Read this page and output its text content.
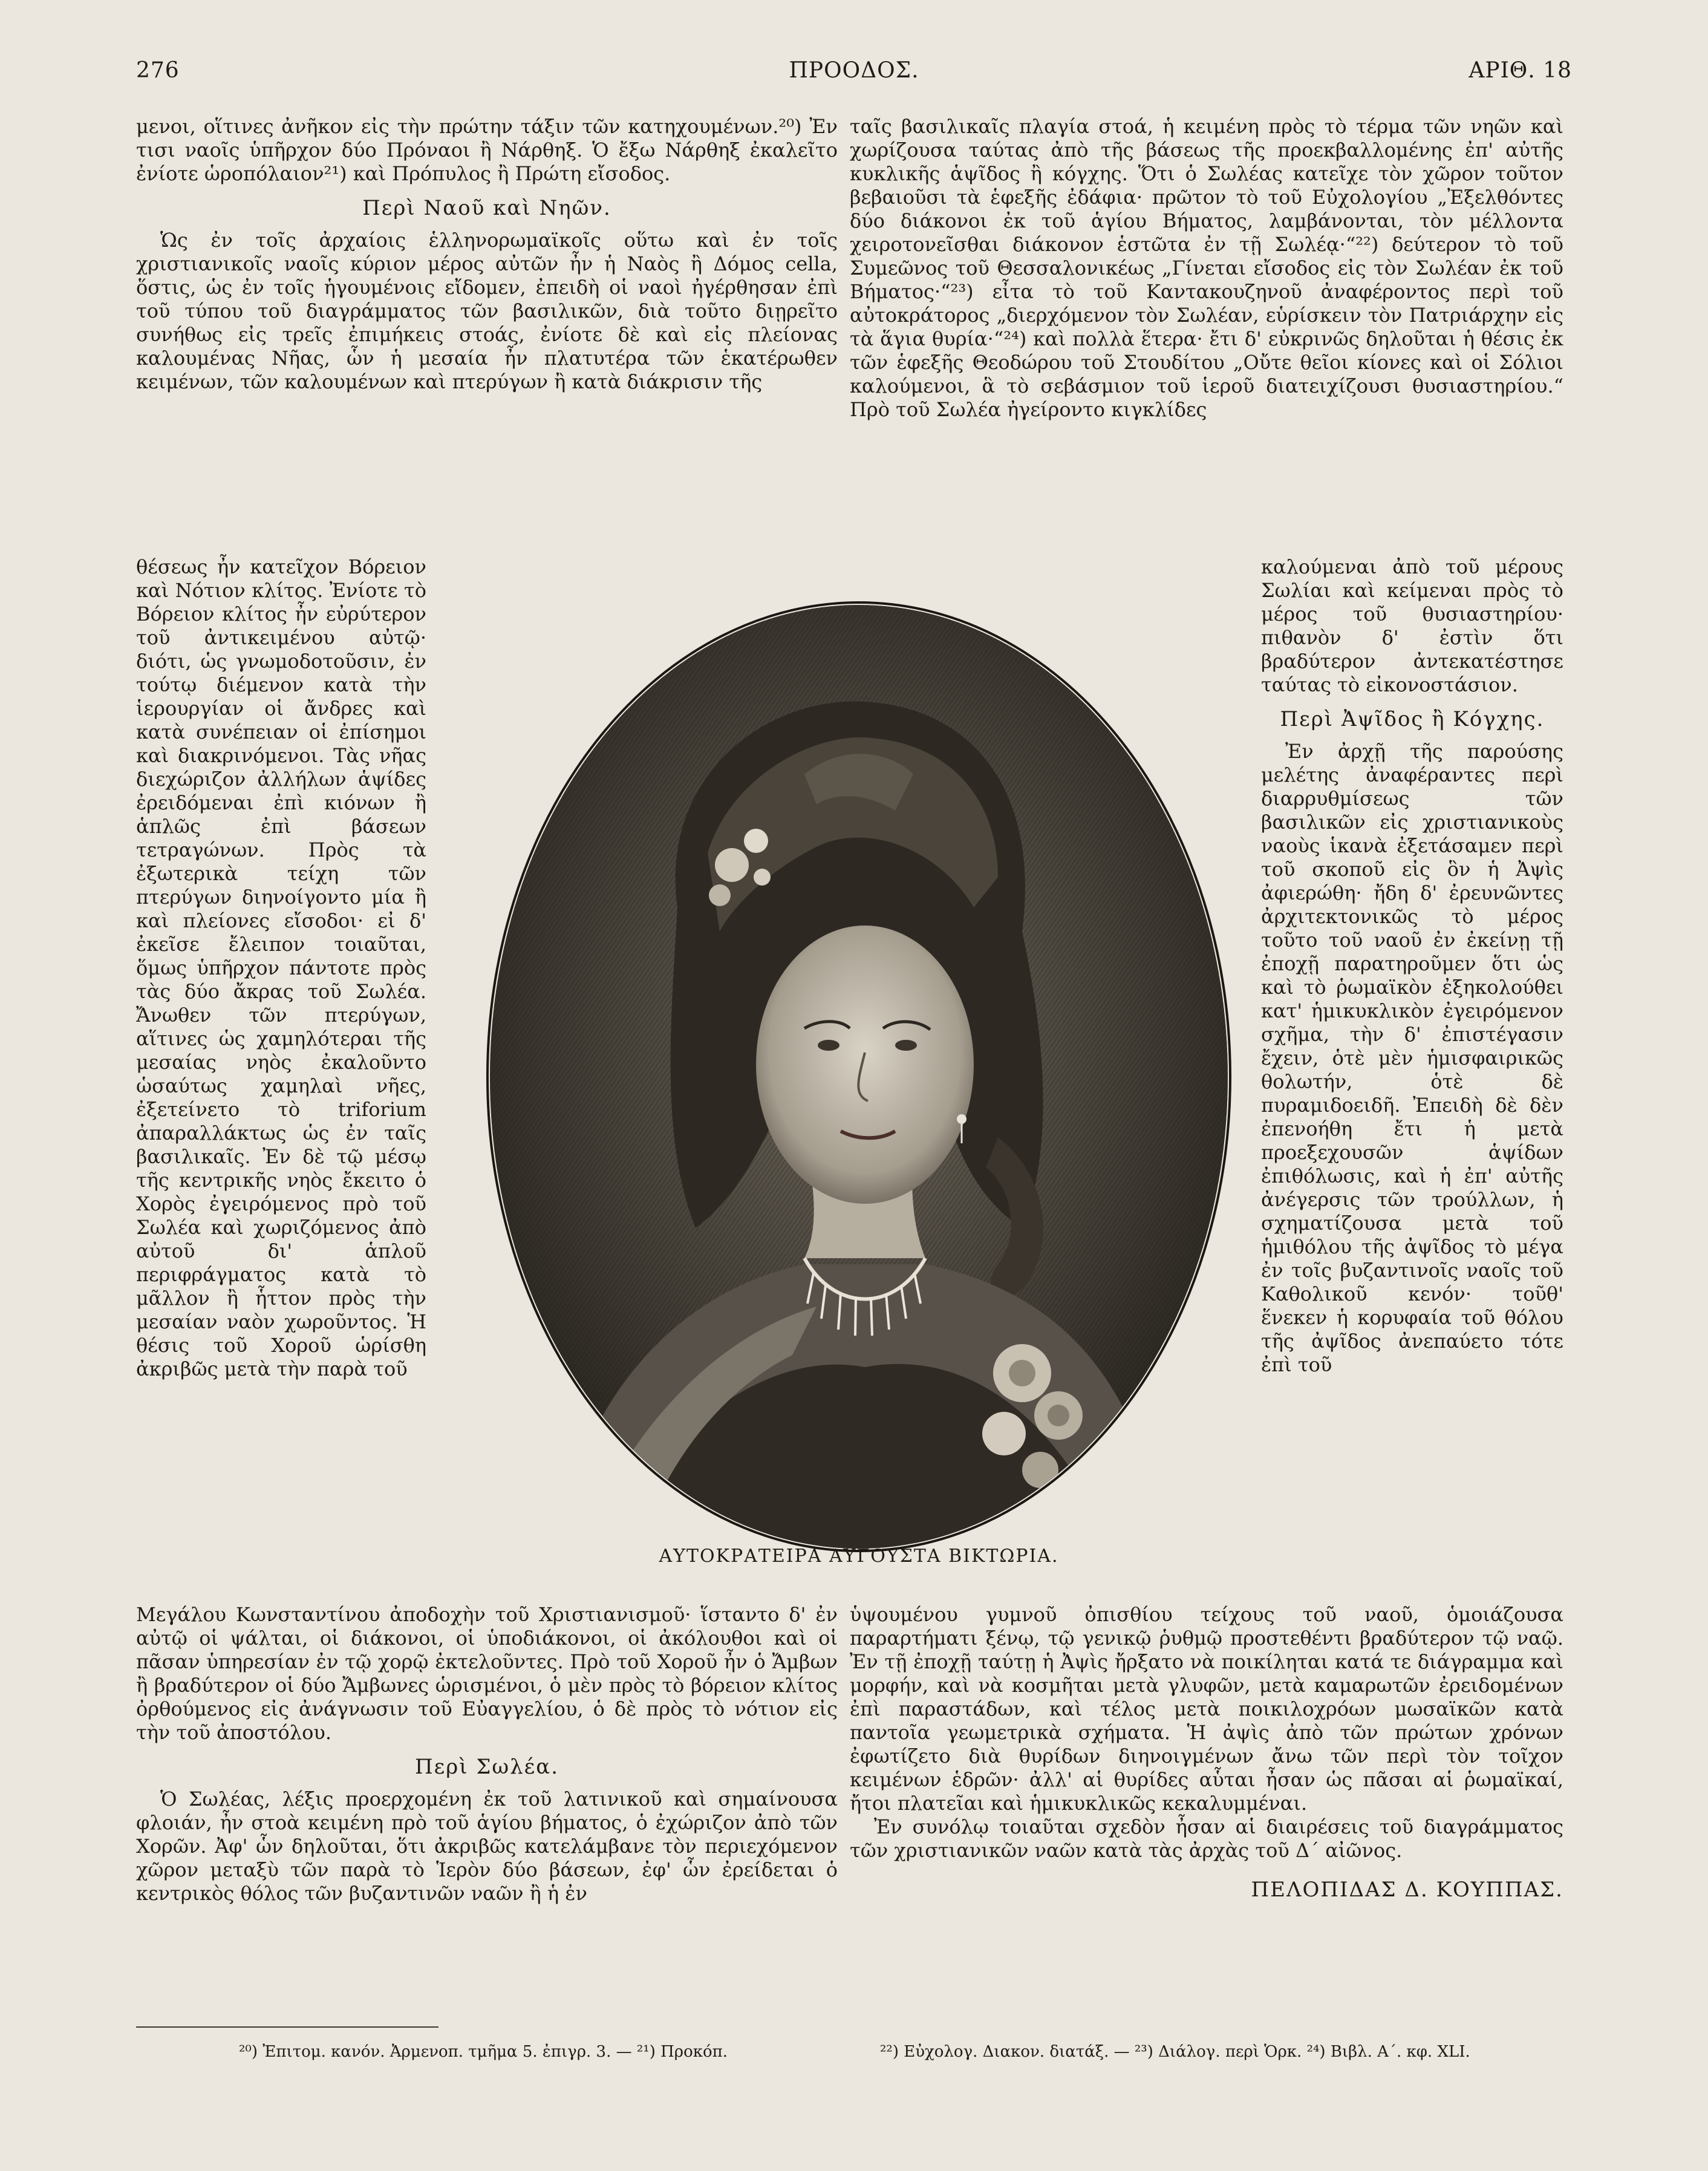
276	ΠΡΟΟΔΟΣ.	ΑΡΙΘ. 18

μενοι, οἵτινες ἀνῆκον εἰς τὴν πρώτην τάξιν τῶν κατηχουμένων.²⁰) Ἐν τισι ναοῖς ὑπῆρχον δύο Πρόναοι ἢ Νάρθηξ. Ὁ ἔξω Νάρθηξ ἐκαλεῖτο ἐνίοτε ὡροπόλαιον²¹) καὶ Πρόπυλος ἢ Πρώτη εἴσοδος.

Περὶ Ναοῦ καὶ Νηῶν.

Ὡς ἐν τοῖς ἀρχαίοις ἑλληνορωμαϊκοῖς οὕτω καὶ ἐν τοῖς χριστιανικοῖς ναοῖς κύριον μέρος αὐτῶν ἦν ἡ Ναὸς ἢ Δόμος cella, ὅστις, ὡς ἐν τοῖς ἡγουμένοις εἴδομεν, ἐπειδὴ οἱ ναοὶ ἠγέρθησαν ἐπὶ τοῦ τύπου τοῦ διαγράμματος τῶν βασιλικῶν, διὰ τοῦτο διῃρεῖτο συνήθως εἰς τρεῖς ἐπιμήκεις στοάς, ἐνίοτε δὲ καὶ εἰς πλείονας καλουμένας Νῆας, ὧν ἡ μεσαία ἦν πλατυτέρα τῶν ἑκατέρωθεν κειμένων, τῶν καλουμένων καὶ πτερύγων ἢ κατὰ διάκρισιν τῆς

ταῖς βασιλικαῖς πλαγία στοά, ἡ κειμένη πρὸς τὸ τέρμα τῶν νηῶν καὶ χωρίζουσα ταύτας ἀπὸ τῆς βάσεως τῆς προεκβαλλομένης ἐπ' αὐτῆς κυκλικῆς ἁψῖδος ἢ κόγχης. Ὅτι ὁ Σωλέας κατεῖχε τὸν χῶρον τοῦτον βεβαιοῦσι τὰ ἑφεξῆς ἐδάφια· πρῶτον τὸ τοῦ Εὐχολογίου „Ἐξελθόντες δύο διάκονοι ἐκ τοῦ ἁγίου Βήματος, λαμβάνονται, τὸν μέλλοντα χειροτονεῖσθαι διάκονον ἑστῶτα ἐν τῇ Σωλέᾳ·“²²) δεύτερον τὸ τοῦ Συμεῶνος τοῦ Θεσσαλονικέως „Γίνεται εἴσοδος εἰς τὸν Σωλέαν ἐκ τοῦ Βήματος·“²³) εἶτα τὸ τοῦ Καντακουζηνοῦ ἀναφέροντος περὶ τοῦ αὐτοκράτορος „διερχόμενον τὸν Σωλέαν, εὑρίσκειν τὸν Πατριάρχην εἰς τὰ ἅγια θυρία·“²⁴) καὶ πολλὰ ἕτερα· ἔτι δ' εὐκρινῶς δηλοῦται ἡ θέσις ἐκ τῶν ἑφεξῆς Θεοδώρου τοῦ Στουδίτου „Οὔτε θεῖοι κίονες καὶ οἱ Σόλιοι καλούμενοι, ἃ τὸ σεβάσμιον τοῦ ἱεροῦ διατειχίζουσι θυσιαστηρίου.“ Πρὸ τοῦ Σωλέα ἠγείροντο κιγκλίδες

θέσεως ἦν κατεῖχον Βόρειον καὶ Νότιον κλίτος. Ἐνίοτε τὸ Βόρειον κλίτος ἦν εὐρύτερον τοῦ ἀντικειμένου αὐτῷ· διότι, ὡς γνωμοδοτοῦσιν, ἐν τούτῳ διέμενον κατὰ τὴν ἱερουργίαν οἱ ἄνδρες καὶ κατὰ συνέπειαν οἱ ἐπίσημοι καὶ διακρινόμενοι. Τὰς νῆας διεχώριζον ἀλλήλων ἁψίδες ἐρειδόμεναι ἐπὶ κιόνων ἢ ἁπλῶς ἐπὶ βάσεων τετραγώνων. Πρὸς τὰ ἐξωτερικὰ τείχη τῶν πτερύγων διηνοίγοντο μία ἢ καὶ πλείονες εἴσοδοι· εἰ δ' ἐκεῖσε ἔλειπον τοιαῦται, ὅμως ὑπῆρχον πάντοτε πρὸς τὰς δύο ἄκρας τοῦ Σωλέα. Ἄνωθεν τῶν πτερύγων, αἵτινες ὡς χαμηλότεραι τῆς μεσαίας νηὸς ἐκαλοῦντο ὡσαύτως χαμηλαὶ νῆες, ἐξετείνετο τὸ triforium ἀπαραλλάκτως ὡς ἐν ταῖς βασιλικαῖς. Ἐν δὲ τῷ μέσῳ τῆς κεντρικῆς νηὸς ἔκειτο ὁ Χορὸς ἐγειρόμενος πρὸ τοῦ Σωλέα καὶ χωριζόμενος ἀπὸ αὐτοῦ δι' ἁπλοῦ περιφράγματος κατὰ τὸ μᾶλλον ἢ ἧττον πρὸς τὴν μεσαίαν ναὸν χωροῦντος. Ἡ θέσις τοῦ Χοροῦ ὡρίσθη ἀκριβῶς μετὰ τὴν παρὰ τοῦ

καλούμεναι ἀπὸ τοῦ μέρους Σωλίαι καὶ κείμεναι πρὸς τὸ μέρος τοῦ θυσιαστηρίου· πιθανὸν δ' ἐστὶν ὅτι βραδύτερον ἀντεκατέστησε ταύτας τὸ εἰκονοστάσιον.

Περὶ Ἀψῖδος ἢ Κόγχης.

Ἐν ἀρχῇ τῆς παρούσης μελέτης ἀναφέραντες περὶ διαρρυθμίσεως τῶν βασιλικῶν εἰς χριστιανικοὺς ναοὺς ἱκανὰ ἐξετάσαμεν περὶ τοῦ σκοποῦ εἰς ὃν ἡ Ἀψὶς ἀφιερώθη· ἤδη δ' ἐρευνῶντες ἀρχιτεκτονικῶς τὸ μέρος τοῦτο τοῦ ναοῦ ἐν ἐκείνῃ τῇ ἐποχῇ παρατηροῦμεν ὅτι ὡς καὶ τὸ ῥωμαϊκὸν ἐξηκολούθει κατ' ἡμικυκλικὸν ἐγειρόμενον σχῆμα, τὴν δ' ἐπιστέγασιν ἔχειν, ὁτὲ μὲν ἡμισφαιρικῶς θολωτήν, ὁτὲ δὲ πυραμιδοειδῆ. Ἐπειδὴ δὲ δὲν ἐπενοήθη ἔτι ἡ μετὰ προεξεχουσῶν ἁψίδων ἐπιθόλωσις, καὶ ἡ ἐπ' αὐτῆς ἀνέγερσις τῶν τρούλλων, ἡ σχηματίζουσα μετὰ τοῦ ἡμιθόλου τῆς ἀψῖδος τὸ μέγα ἐν τοῖς βυζαντινοῖς ναοῖς τοῦ Καθολικοῦ κενόν· τοῦθ' ἕνεκεν ἡ κορυφαία τοῦ θόλου τῆς ἀψῖδος ἀνεπαύετο τότε ἐπὶ τοῦ

ΑΥΤΟΚΡΑΤΕΙΡΑ ΑΥΓΟΥΣΤΑ ΒΙΚΤΩΡΙΑ.

Μεγάλου Κωνσταντίνου ἀποδοχὴν τοῦ Χριστιανισμοῦ· ἵσταντο δ' ἐν αὐτῷ οἱ ψάλται, οἱ διάκονοι, οἱ ὑποδιάκονοι, οἱ ἀκόλουθοι καὶ οἱ πᾶσαν ὑπηρεσίαν ἐν τῷ χορῷ ἐκτελοῦντες. Πρὸ τοῦ Χοροῦ ἦν ὁ Ἄμβων ἢ βραδύτερον οἱ δύο Ἄμβωνες ὡρισμένοι, ὁ μὲν πρὸς τὸ βόρειον κλίτος ὀρθούμενος εἰς ἀνάγνωσιν τοῦ Εὐαγγελίου, ὁ δὲ πρὸς τὸ νότιον εἰς τὴν τοῦ ἀποστόλου.

Περὶ Σωλέα.

Ὁ Σωλέας, λέξις προερχομένη ἐκ τοῦ λατινικοῦ καὶ σημαίνουσα φλοιάν, ἦν στοὰ κειμένη πρὸ τοῦ ἁγίου βήματος, ὁ ἐχώριζον ἀπὸ τῶν Χορῶν. Ἀφ' ὧν δηλοῦται, ὅτι ἀκριβῶς κατελάμβανε τὸν περιεχόμενον χῶρον μεταξὺ τῶν παρὰ τὸ Ἱερὸν δύο βάσεων, ἐφ' ὧν ἐρείδεται ὁ κεντρικὸς θόλος τῶν βυζαντινῶν ναῶν ἢ ἡ ἐν

ὑψουμένου γυμνοῦ ὀπισθίου τείχους τοῦ ναοῦ, ὁμοιάζουσα παραρτήματι ξένῳ, τῷ γενικῷ ῥυθμῷ προστεθέντι βραδύτερον τῷ ναῷ. Ἐν τῇ ἐποχῇ ταύτῃ ἡ Ἀψὶς ἤρξατο νὰ ποικίληται κατά τε διάγραμμα καὶ μορφήν, καὶ νὰ κοσμῆται μετὰ γλυφῶν, μετὰ καμαρωτῶν ἐρειδομένων ἐπὶ παραστάδων, καὶ τέλος μετὰ ποικιλοχρόων μωσαϊκῶν κατὰ παντοῖα γεωμετρικὰ σχήματα. Ἡ ἀψὶς ἀπὸ τῶν πρώτων χρόνων ἐφωτίζετο διὰ θυρίδων διηνοιγμένων ἄνω τῶν περὶ τὸν τοῖχον κειμένων ἑδρῶν· ἀλλ' αἱ θυρίδες αὗται ἦσαν ὡς πᾶσαι αἱ ῥωμαϊκαί, ἤτοι πλατεῖαι καὶ ἡμικυκλικῶς κεκαλυμμέναι.

Ἐν συνόλῳ τοιαῦται σχεδὸν ἦσαν αἱ διαιρέσεις τοῦ διαγράμματος τῶν χριστιανικῶν ναῶν κατὰ τὰς ἀρχὰς τοῦ Δ΄ αἰῶνος.

ΠΕΛΟΠΙΔΑΣ Δ. ΚΟΥΠΠΑΣ.
²⁰) Ἐπιτομ. κανόν. Ἀρμενοπ. τμῆμα 5. ἐπιγρ. 3. — ²¹) Προκόπ.	²²) Εὐχολογ. Διακον. διατάξ. — ²³) Διάλογ. περὶ Ὁρκ. ²⁴) Βιβλ. Α΄. κφ. XLI.
